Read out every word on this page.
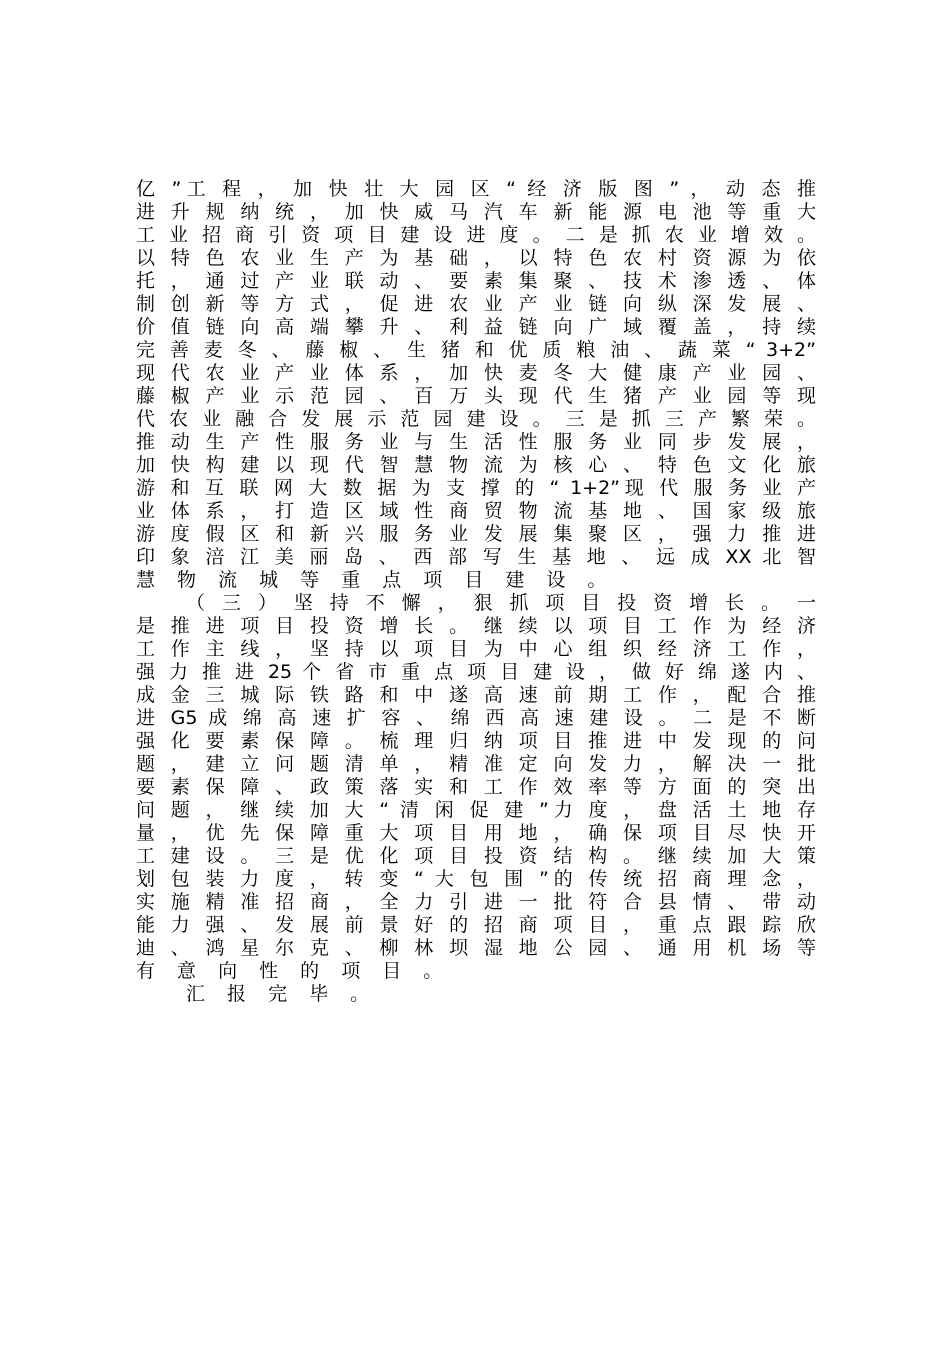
亿 ”工 程 ， 加 快 壮 大 园 区 “ 经 济 版 图 ” ， 动 态 推
进 升 规 纳 统 ， 加 快 威 马 汽 车 新 能 源 电 池 等 重 大
工 业 招 商 引 资 项 目 建 设 进 度 。 二 是 抓 农 业 增 效 。
以 特 色 农 业 生 产 为 基 础 ， 以 特 色 农 村 资 源 为 依
托 ， 通 过 产 业 联 动 、 要 素 集 聚 、 技 术 渗 透 、 体
制 创 新 等 方 式 ， 促 进 农 业 产 业 链 向 纵 深 发 展 、
价 值 链 向 高 端 攀 升 、 利 益 链 向 广 域 覆 盖 ， 持 续
完 善 麦 冬 、 藤 椒 、 生 猪 和 优 质 粮 油 、 蔬 菜 “ 3+2”
现 代 农 业 产 业 体 系 ， 加 快 麦 冬 大 健 康 产 业 园 、
藤 椒 产 业 示 范 园 、 百 万 头 现 代 生 猪 产 业 园 等 现
代 农 业 融 合 发 展 示 范 园 建 设 。 三 是 抓 三 产 繁 荣 。
推 动 生 产 性 服 务 业 与 生 活 性 服 务 业 同 步 发 展 ，
加 快 构 建 以 现 代 智 慧 物 流 为 核 心 、 特 色 文 化 旅
游 和 互 联 网 大 数 据 为 支 撑 的 “ 1+2”现 代 服 务 业 产
业 体 系 ， 打 造 区 域 性 商 贸 物 流 基 地 、 国 家 级 旅
游 度 假 区 和 新 兴 服 务 业 发 展 集 聚 区 ， 强 力 推 进
印 象 涪 江 美 丽 岛 、 西 部 写 生 基 地 、 远 成 XX 北 智
慧 物 流 城 等 重 点 项 目 建 设 。
（ 三 ） 坚 持 不 懈 ， 狠 抓 项 目 投 资 增 长 。 一
是 推 进 项 目 投 资 增 长 。 继 续 以 项 目 工 作 为 经 济
工 作 主 线 ， 坚 持 以 项 目 为 中 心 组 织 经 济 工 作 ，
强 力 推 进 25 个 省 市 重 点 项 目 建 设 ， 做 好 绵 遂 内 、
成 金 三 城 际 铁 路 和 中 遂 高 速 前 期 工 作 ， 配 合 推
进 G5 成 绵 高 速 扩 容 、 绵 西 高 速 建 设 。 二 是 不 断
强 化 要 素 保 障 。 梳 理 归 纳 项 目 推 进 中 发 现 的 问
题 ， 建 立 问 题 清 单 ， 精 准 定 向 发 力 ， 解 决 一 批
要 素 保 障 、 政 策 落 实 和 工 作 效 率 等 方 面 的 突 出
问 题 ， 继 续 加 大 “ 清 闲 促 建 ”力 度 ， 盘 活 土 地 存
量 ， 优 先 保 障 重 大 项 目 用 地 ， 确 保 项 目 尽 快 开
工 建 设 。 三 是 优 化 项 目 投 资 结 构 。 继 续 加 大 策
划 包 装 力 度 ， 转 变 “ 大 包 围 ”的 传 统 招 商 理 念 ，
实 施 精 准 招 商 ， 全 力 引 进 一 批 符 合 县 情 、 带 动
能 力 强 、 发 展 前 景 好 的 招 商 项 目 ， 重 点 跟 踪 欣
迪 、 鸿 星 尔 克 、 柳 林 坝 湿 地 公 园 、 通 用 机 场 等
有 意 向 性 的 项 目 。
汇 报 完 毕 。
